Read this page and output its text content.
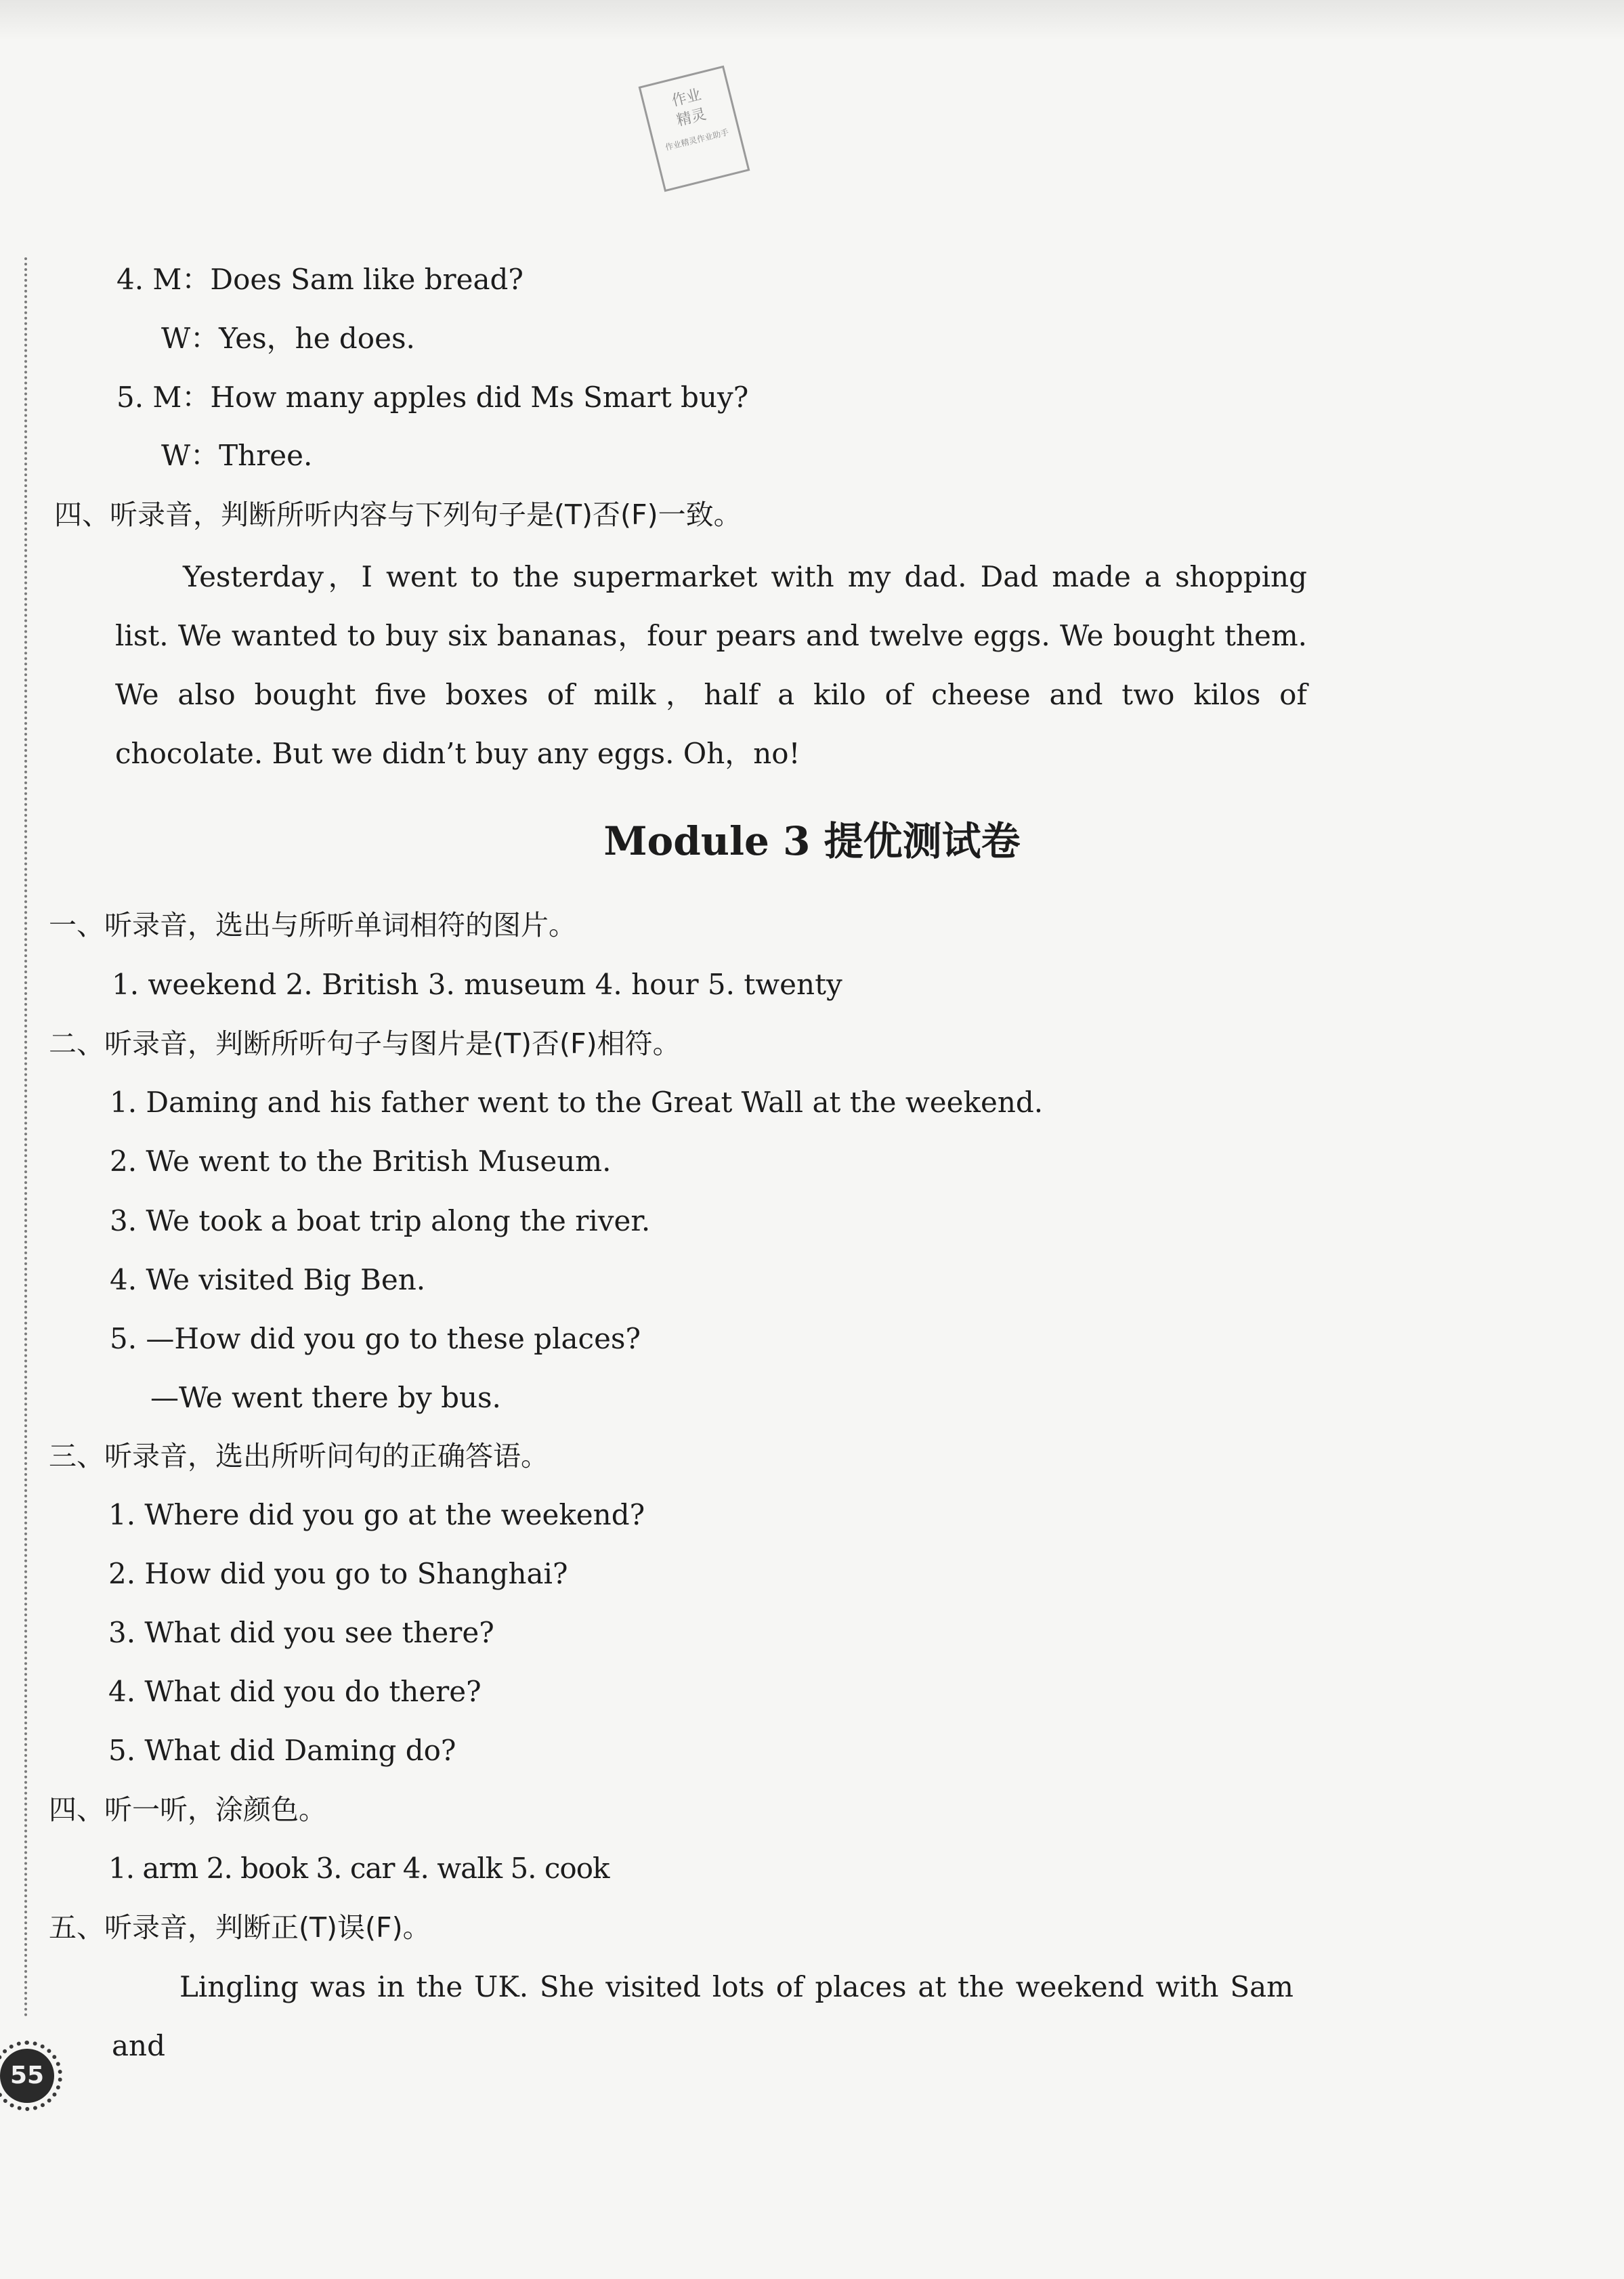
作业
精灵
作业精灵作业助手
4. M：Does Sam like bread?
W：Yes，he does.
5. M：How many apples did Ms Smart buy?
W：Three.
四、听录音，判断所听内容与下列句子是(T)否(F)一致。

Yesterday，I went to the supermarket with my dad. Dad made a shopping list. We wanted to buy six bananas，four pears and twelve eggs. We bought them. We also bought five boxes of milk，half a kilo of cheese and two kilos of chocolate. But we didn’t buy any eggs. Oh，no!

Module 3 提优测试卷
一、听录音，选出与所听单词相符的图片。
1. weekend 2. British 3. museum 4. hour 5. twenty
二、听录音，判断所听句子与图片是(T)否(F)相符。
1. Daming and his father went to the Great Wall at the weekend.
2. We went to the British Museum.
3. We took a boat trip along the river.
4. We visited Big Ben.
5. —How did you go to these places?
—We went there by bus.
三、听录音，选出所听问句的正确答语。
1. Where did you go at the weekend?
2. How did you go to Shanghai?
3. What did you see there?
4. What did you do there?
5. What did Daming do?
四、听一听，涂颜色。
1. arm 2. book 3. car 4. walk 5. cook
五、听录音，判断正(T)误(F)。

Lingling was in the UK. She visited lots of places at the weekend with Sam and

55
